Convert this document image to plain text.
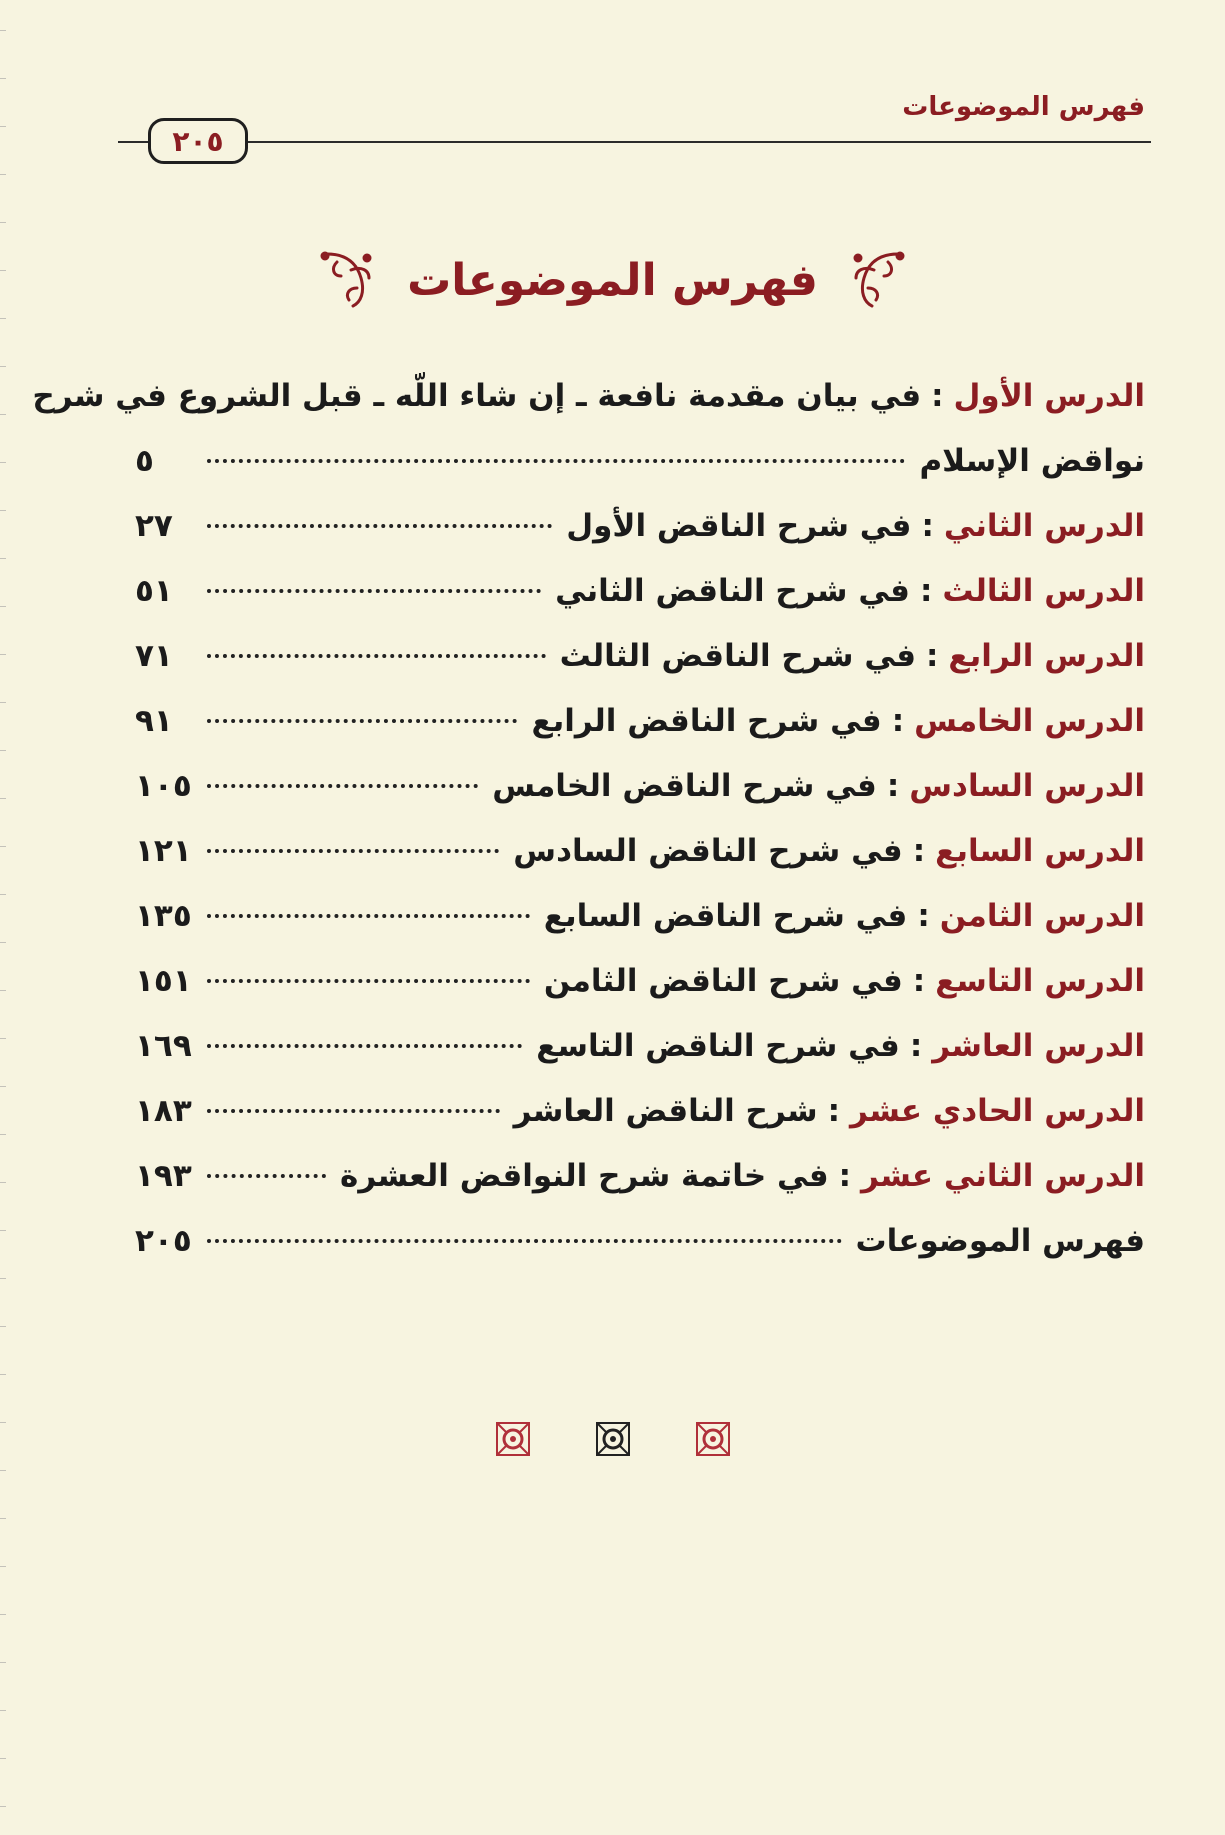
فهرس الموضوعات
٢٠٥
فهرس الموضوعات
الدرس الأول
:
في بيان مقدمة نافعة ـ إن شاء اللّه ـ قبل الشروع في شرح
نواقض الإسلام
٥
الدرس الثاني
:
في شرح الناقض الأول
٢٧
الدرس الثالث
:
في شرح الناقض الثاني
٥١
الدرس الرابع
:
في شرح الناقض الثالث
٧١
الدرس الخامس
:
في شرح الناقض الرابع
٩١
الدرس السادس
:
في شرح الناقض الخامس
١٠٥
الدرس السابع
:
في شرح الناقض السادس
١٢١
الدرس الثامن
:
في شرح الناقض السابع
١٣٥
الدرس التاسع
:
في شرح الناقض الثامن
١٥١
الدرس العاشر
:
في شرح الناقض التاسع
١٦٩
الدرس الحادي عشر
:
شرح الناقض العاشر
١٨٣
الدرس الثاني عشر
:
في خاتمة شرح النواقض العشرة
١٩٣
فهرس الموضوعات
٢٠٥
